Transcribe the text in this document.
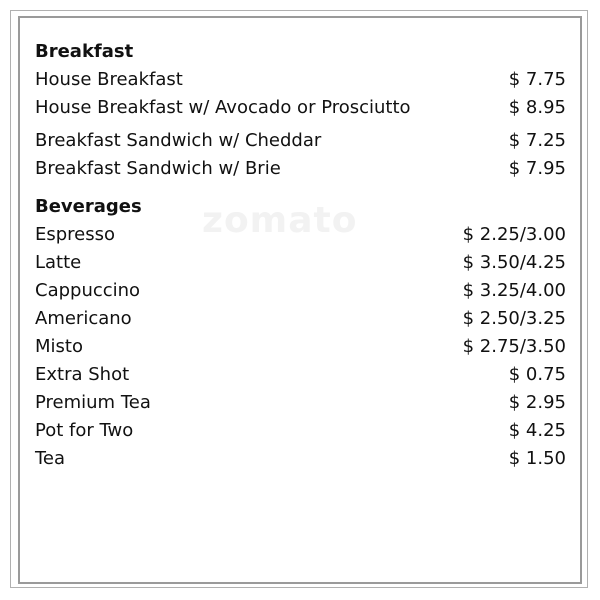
zomato
Breakfast
House Breakfast	$ 7.75
House Breakfast w/ Avocado or Prosciutto	$ 8.95
Breakfast Sandwich w/ Cheddar	$ 7.25
Breakfast Sandwich w/ Brie	$ 7.95
Beverages
Espresso	$ 2.25/3.00
Latte	$ 3.50/4.25
Cappuccino	$ 3.25/4.00
Americano	$ 2.50/3.25
Misto	$ 2.75/3.50
Extra Shot	$ 0.75
Premium Tea	$ 2.95
Pot for Two	$ 4.25
Tea	$ 1.50
